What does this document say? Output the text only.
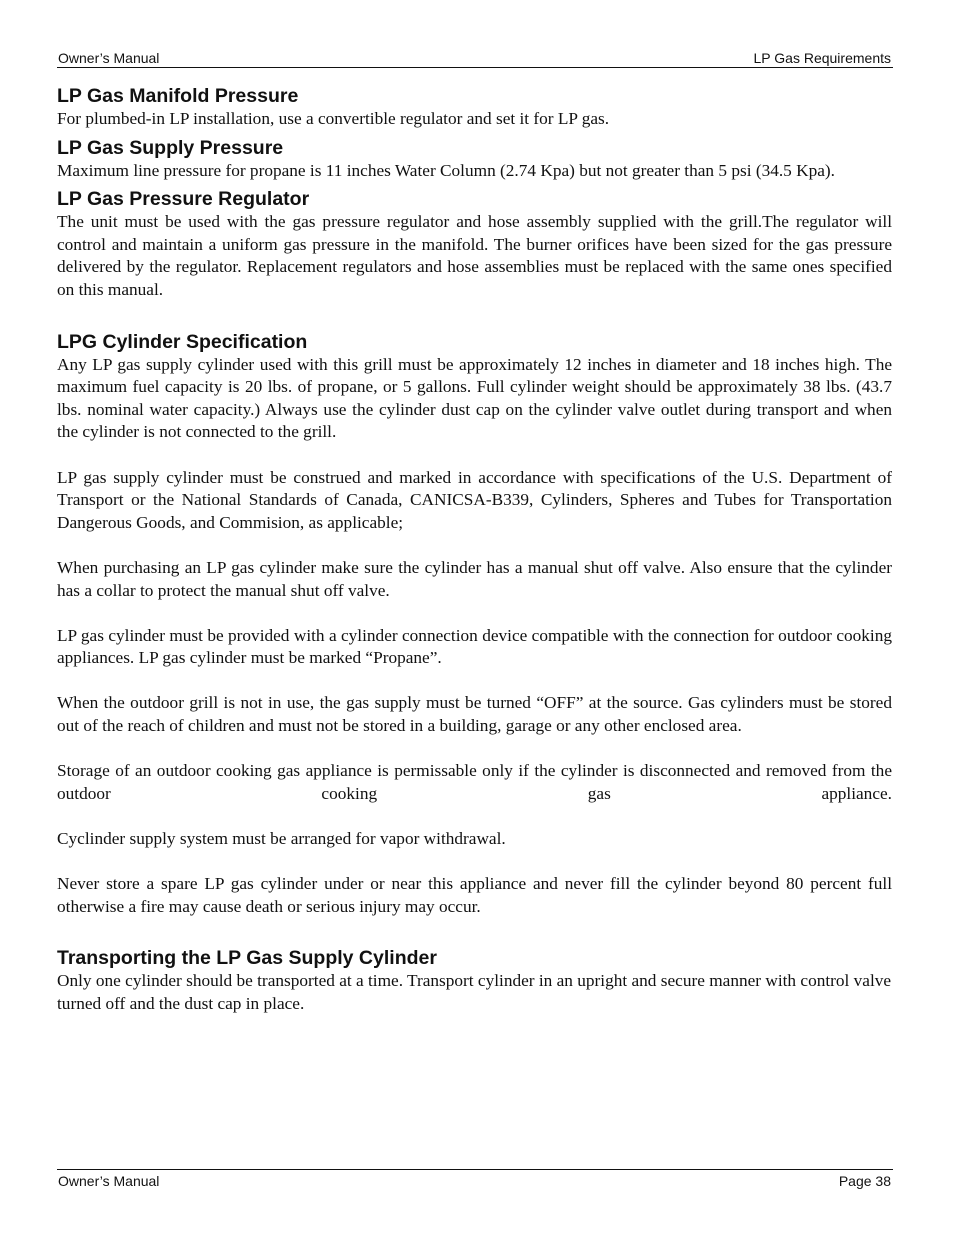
Owner’s Manual	LP Gas Requirements
LP Gas Manifold Pressure

For plumbed-in LP installation, use a convertible regulator and set it for LP gas.

LP Gas Supply Pressure

Maximum line pressure for propane is 11 inches Water Column (2.74 Kpa) but not greater than 5 psi (34.5 Kpa).

LP Gas Pressure Regulator

The unit must be used with the gas pressure regulator and hose assembly supplied with the grill.The regulator will control and maintain a uniform gas pressure in the manifold. The burner orifices have been sized for the gas pressure delivered by the regulator. Replacement regulators and hose assemblies must be replaced with the same ones specified on this manual.

LPG Cylinder Specification

Any LP gas supply cylinder used with this grill must be approximately 12 inches in diameter and 18 inches high. The maximum fuel capacity is 20 lbs. of propane, or 5 gallons. Full cylinder weight should be approximately 38 lbs. (43.7 lbs. nominal water capacity.) Always use the cylinder dust cap on the cylinder valve outlet during transport and when the cylinder is not connected to the grill.

LP gas supply cylinder must be construed and marked in accordance with specifications of the U.S. Department of Transport or the National Standards of Canada, CANICSA-B339, Cylinders, Spheres and Tubes for Transportation Dangerous Goods, and Commision, as applicable;

When purchasing an LP gas cylinder make sure the cylinder has a manual shut off valve. Also ensure that the cylinder has a collar to protect the manual shut off valve.

LP gas cylinder must be provided with a cylinder connection device compatible with the connection for outdoor cooking appliances. LP gas cylinder must be marked “Propane”.

When the outdoor grill is not in use, the gas supply must be turned “OFF” at the source. Gas cylinders must be stored out of the reach of children and must not be stored in a building, garage or any other enclosed area.

Storage of an outdoor cooking gas appliance is permissable only if the cylinder is disconnected and removed from the outdoor cooking gas appliance.

Cyclinder supply system must be arranged for vapor withdrawal.

Never store a spare LP gas cylinder under or near this appliance and never fill the cylinder beyond 80 percent full otherwise a fire may cause death or serious injury may occur.

Transporting the LP Gas Supply Cylinder

Only one cylinder should be transported at a time. Transport cylinder in an upright and secure manner with control valve turned off and the dust cap in place.

Owner’s Manual	Page 38
